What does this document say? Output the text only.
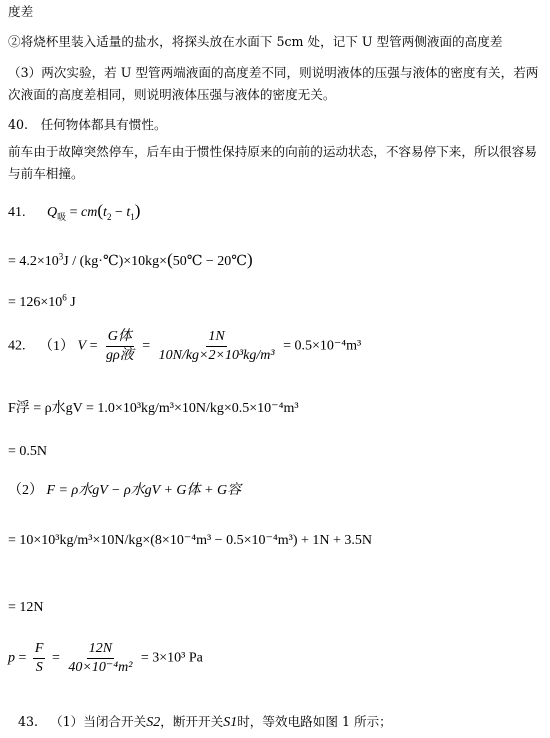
度差
②将烧杯里装入适量的盐水，将探头放在水面下 5cm 处，记下 U 型管两侧液面的高度差
（3）两次实验，若 U 型管两端液面的高度差不同，则说明液体的压强与液体的密度有关，若两次液面的高度差相同，则说明液体压强与液体的密度无关。
40.　任何物体都具有惯性。
前车由于故障突然停车，后车由于惯性保持原来的向前的运动状态，不容易停下来，所以很容易与前车相撞。
41. $Q_吸 = cm(t_2 - t_1)$
= $4.2\times 10^3J$ / (kg·℃)×10kg×(50℃ − 20℃)
= $126\times 10^6$ J
42. （1） $V = \frac{\text{G体}}{\text{gρ液}} = \frac{1N}{\text{10N/kg×2×10³kg/m³}} = 0.5\times 10^{-4}m^3$
F浮 = ρ水gV = 1.0×10³kg/m³×10N/kg×0.5×10⁻⁴m³
= 0.5N
（2） F = ρ水gV − ρ水gV + G体 + G容
= 10×10³kg/m³×10N/kg×(8×10⁻⁴m³ − 0.5×10⁻⁴m³) + 1N + 3.5N
= 12N
$p = \frac{F}{S} = \frac{12N}{\text{40×10⁻⁴m²}} = 3\times 10^3$ Pa
43. （1）当闭合开关S2，断开开关S1时，等效电路如图 1 所示；
